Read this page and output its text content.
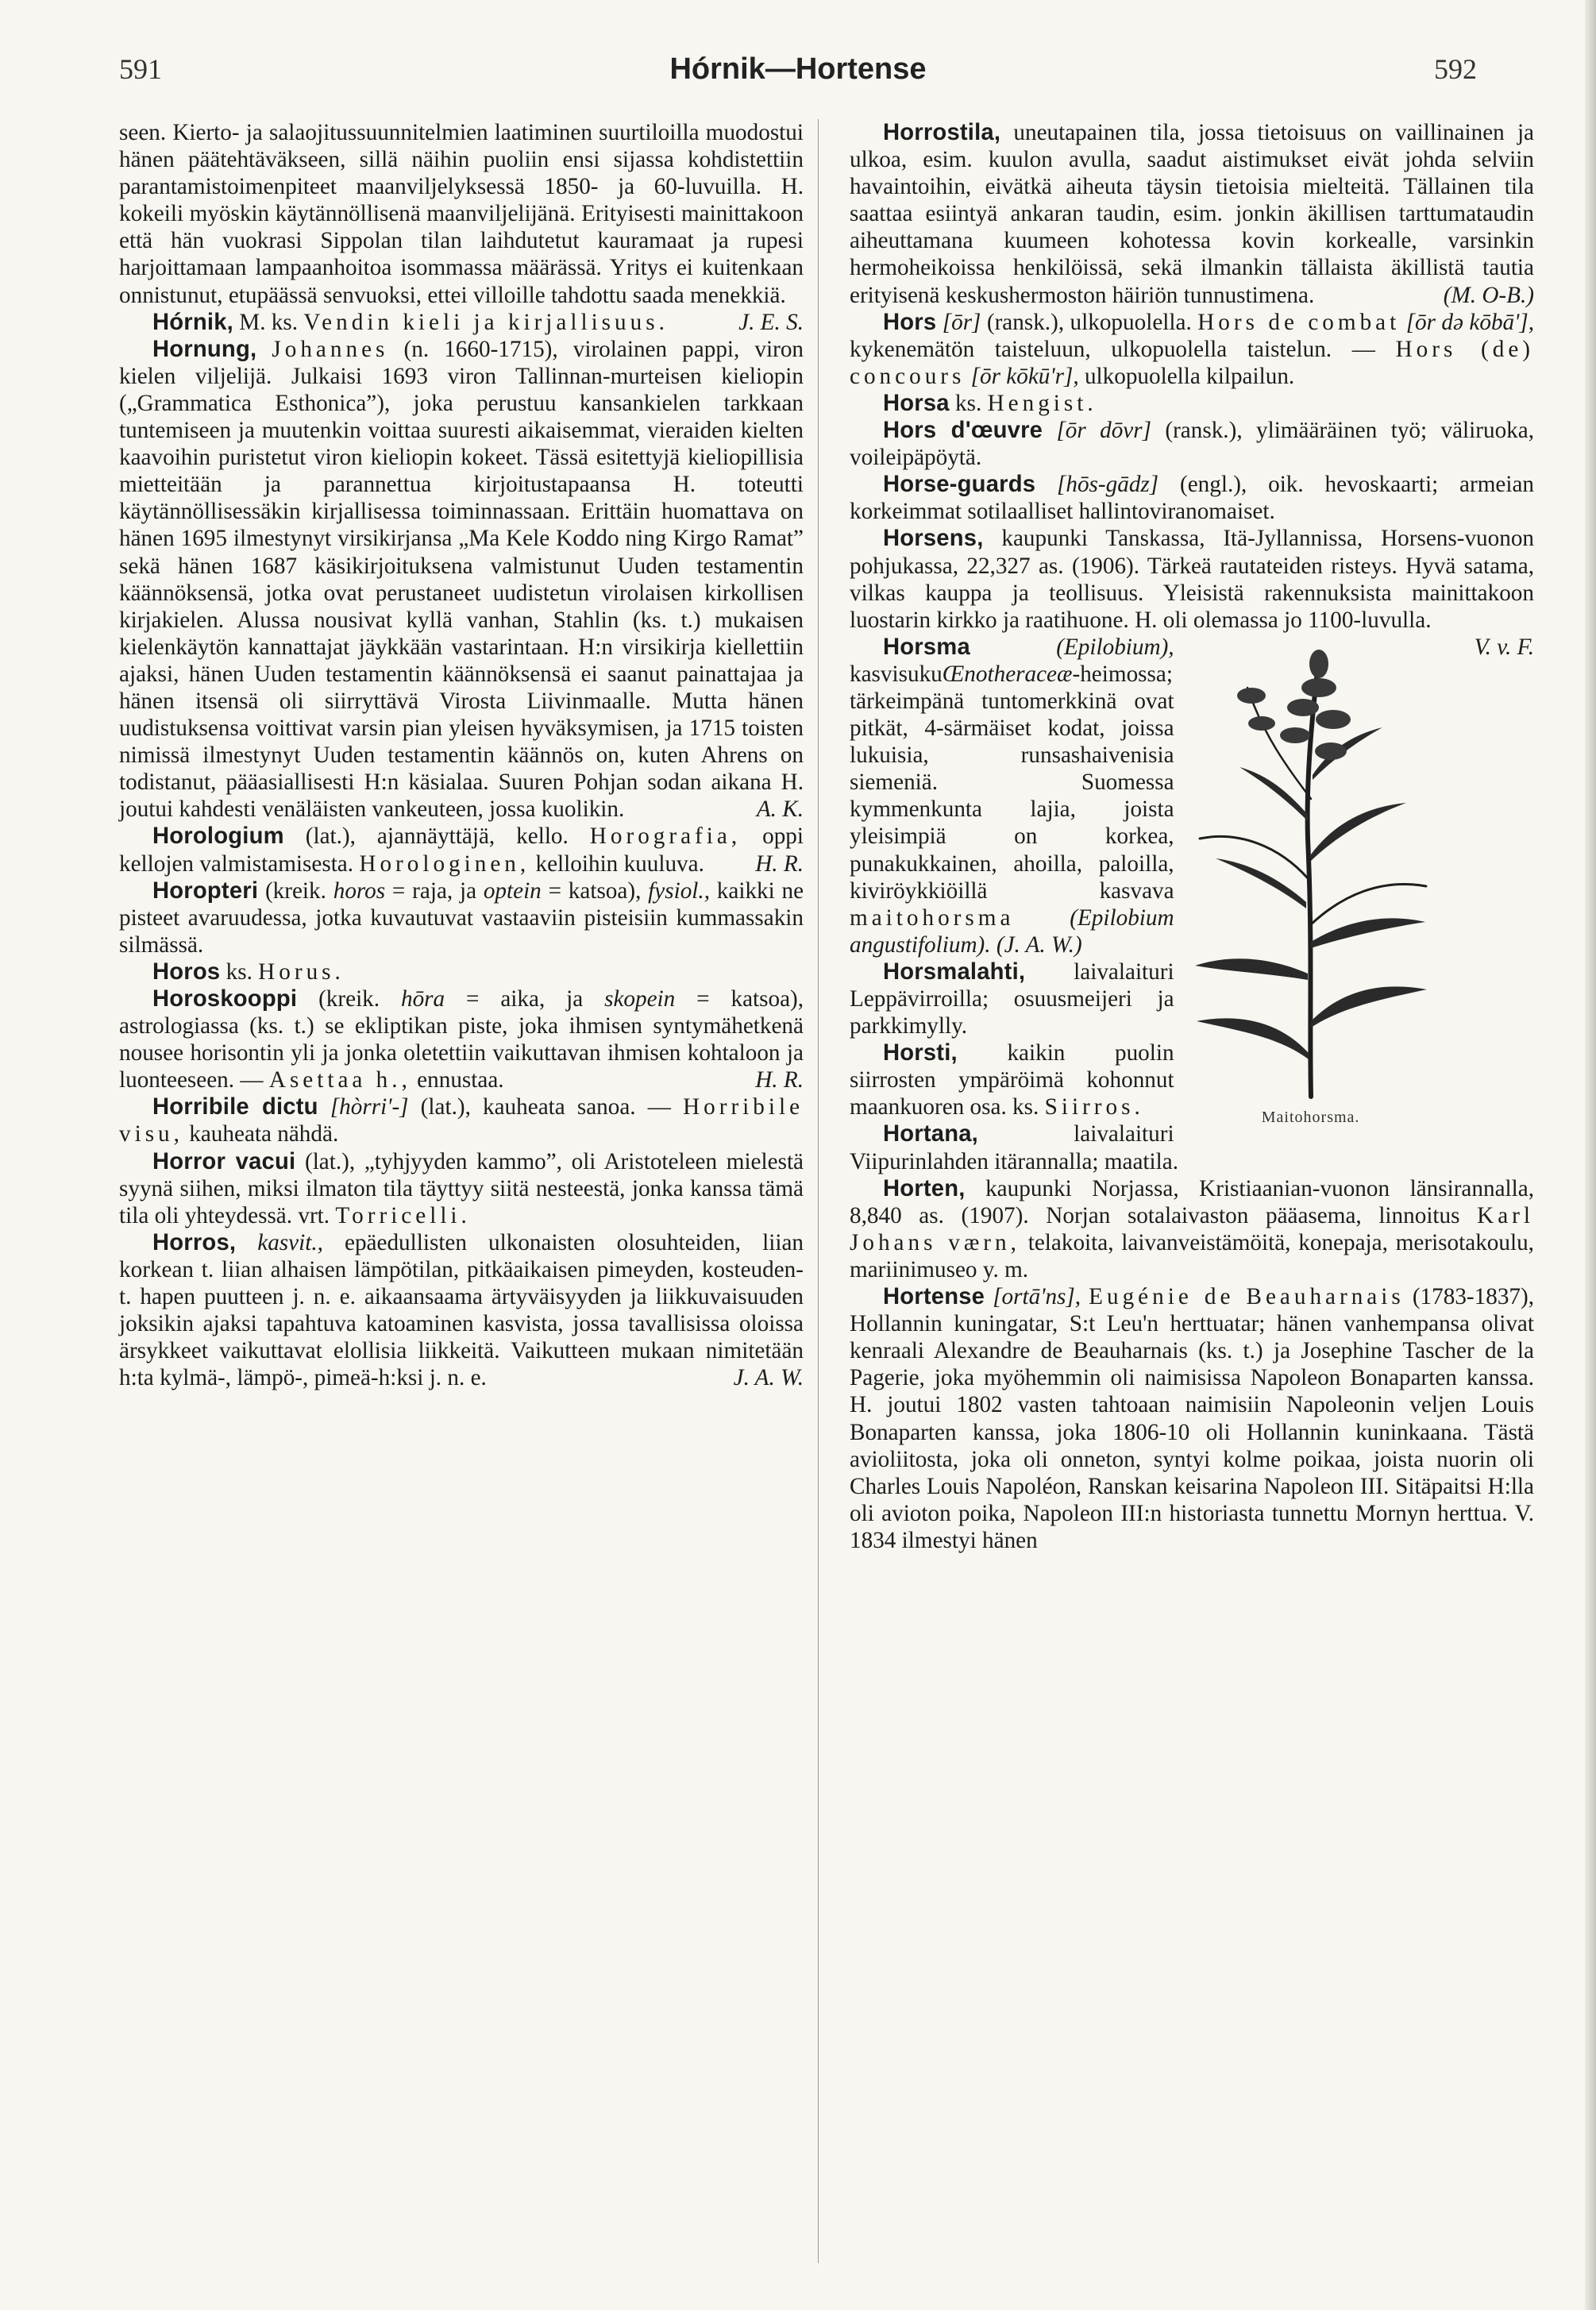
591	Hórnik—Hortense	592

seen. Kierto- ja salaojitussuunnitelmien laatiminen suurtiloilla muodostui hänen päätehtäväkseen, sillä näihin puoliin ensi sijassa kohdistettiin parantamistoimenpiteet maanviljelyksessä 1850- ja 60-luvuilla. H. kokeili myöskin käytännöllisenä maanviljelijänä. Erityisesti mainittakoon että hän vuokrasi Sippolan tilan laihdutetut kauramaat ja rupesi harjoittamaan lampaanhoitoa isommassa määrässä. Yritys ei kuitenkaan onnistunut, etupäässä senvuoksi, ettei villoille tahdottu saada menekkiä.
J. E. S.

Hórnik, M. ks. Vendin kieli ja kirjallisuus.

Hornung, Johannes (n. 1660-1715), virolainen pappi, viron kielen viljelijä. Julkaisi 1693 viron Tallinnan-murteisen kieliopin („Grammatica Esthonica”), joka perustuu kansankielen tarkkaan tuntemiseen ja muutenkin voittaa suuresti aikaisemmat, vieraiden kielten kaavoihin puristetut viron kieliopin kokeet. Tässä esitettyjä kieliopillisia mietteitään ja parannettua kirjoitustapaansa H. toteutti käytännöllisessäkin kirjallisessa toiminnassaan. Erittäin huomattava on hänen 1695 ilmestynyt virsikirjansa „Ma Kele Koddo ning Kirgo Ramat” sekä hänen 1687 käsikirjoituksena valmistunut Uuden testamentin käännöksensä, jotka ovat perustaneet uudistetun virolaisen kirkollisen kirjakielen. Alussa nousivat kyllä vanhan, Stahlin (ks. t.) mukaisen kielenkäytön kannattajat jäykkään vastarintaan. H:n virsikirja kiellettiin ajaksi, hänen Uuden testamentin käännöksensä ei saanut painattajaa ja hänen itsensä oli siirryttävä Virosta Liivinmaalle. Mutta hänen uudistuksensa voittivat varsin pian yleisen hyväksymisen, ja 1715 toisten nimissä ilmestynyt Uuden testamentin käännös on, kuten Ahrens on todistanut, pääasiallisesti H:n käsialaa. Suuren Pohjan sodan aikana H. joutui kahdesti venäläisten vankeuteen, jossa kuolikin.	A. K.

Horologium (lat.), ajannäyttäjä, kello. Horografia, oppi kellojen valmistamisesta. Horologinen, kelloihin kuuluva.	H. R.

Horopteri (kreik. horos = raja, ja optein = katsoa), fysiol., kaikki ne pisteet avaruudessa, jotka kuvautuvat vastaaviin pisteisiin kummassakin silmässä.

Horos ks. Horus.

Horoskooppi (kreik. hōra = aika, ja skopein = katsoa), astrologiassa (ks. t.) se ekliptikan piste, joka ihmisen syntymähetkenä nousee horisontin yli ja jonka oletettiin vaikuttavan ihmisen kohtaloon ja luonteeseen. — Asettaa h., ennustaa.	H. R.

Horribile dictu [hòrri'-] (lat.), kauheata sanoa. — Horribile visu, kauheata nähdä.

Horror vacui (lat.), „tyhjyyden kammo”, oli Aristoteleen mielestä syynä siihen, miksi ilmaton tila täyttyy siitä nesteestä, jonka kanssa tämä tila oli yhteydessä. vrt. Torricelli.

Horros, kasvit., epäedullisten ulkonaisten olosuhteiden, liian korkean t. liian alhaisen lämpötilan, pitkäaikaisen pimeyden, kosteuden- t. hapen puutteen j. n. e. aikaansaama ärtyväisyyden ja liikkuvaisuuden joksikin ajaksi tapahtuva katoaminen kasvista, jossa tavallisissa oloissa ärsykkeet vaikuttavat elollisia liikkeitä. Vaikutteen mukaan nimitetään h:ta kylmä-, lämpö-, pimeä-h:ksi j. n. e.	J. A. W.

Horrostila, uneutapainen tila, jossa tietoisuus on vaillinainen ja ulkoa, esim. kuulon avulla, saadut aistimukset eivät johda selviin havaintoihin, eivätkä aiheuta täysin tietoisia mielteitä. Tällainen tila saattaa esiintyä ankaran taudin, esim. jonkin äkillisen tarttumataudin aiheuttamana kuumeen kohotessa kovin korkealle, varsinkin hermoheikoissa henkilöissä, sekä ilmankin tällaista äkillistä tautia erityisenä keskushermoston häiriön tunnustimena.	(M. O-B.)

Hors [ōr] (ransk.), ulkopuolella. Hors de combat [ōr də kōbā'], kykenemätön taisteluun, ulkopuolella taistelun. — Hors (de) concours [ōr kōkū'r], ulkopuolella kilpailun.

Horsa ks. Hengist.

Hors d'œuvre [ōr dōvr] (ransk.), ylimääräinen työ; väliruoka, voileipäpöytä.

Horse-guards [hōs-gādz] (engl.), oik. hevoskaarti; armeian korkeimmat sotilaalliset hallintoviranomaiset.

Horsens, kaupunki Tanskassa, Itä-Jyllannissa, Horsens-vuonon pohjukassa, 22,327 as. (1906). Tärkeä rautateiden risteys. Hyvä satama, vilkas kauppa ja teollisuus. Yleisistä rakennuksista mainittakoon luostarin kirkko ja raatihuone. H. oli olemassa jo 1100-luvulla.
V. v. F.

Maitohorsma.

Horsma	(Epilobium), kasvisukuŒnotheraceæ-heimossa; tärkeimpänä tuntomerkkinä ovat pitkät, 4-särmäiset kodat, joissa lukuisia, runsashaivenisia siemeniä. Suomessa kymmenkunta lajia, joista yleisimpiä on korkea, punakukkainen, ahoilla, paloilla, kiviröykkiöillä kasvava maitohorsma (Epilobium angustifolium). (J. A. W.)

Horsmalahti, laivalaituri Leppävirroilla; osuusmeijeri ja parkkimylly.

Horsti, kaikin puolin siirrosten ympäröimä kohonnut maankuoren osa. ks. Siirros.

Hortana,	laivalaituri Viipurinlahden itärannalla; maatila.

Horten, kaupunki Norjassa, Kristiaanian-vuonon länsirannalla, 8,840 as. (1907). Norjan sotalaivaston pääasema, linnoitus Karl Johans værn, telakoita, laivanveistämöitä, konepaja, merisotakoulu, mariinimuseo y. m.

Hortense [ortā'ns], Eugénie de Beauharnais (1783-1837), Hollannin kuningatar, S:t Leu'n herttuatar; hänen vanhempansa olivat kenraali Alexandre de Beauharnais (ks. t.) ja Josephine Tascher de la Pagerie, joka myöhemmin oli naimisissa Napoleon Bonaparten kanssa. H. joutui 1802 vasten tahtoaan naimisiin Napoleonin veljen Louis Bonaparten kanssa, joka 1806-10 oli Hollannin kuninkaana. Tästä avioliitosta, joka oli onneton, syntyi kolme poikaa, joista nuorin oli Charles Louis Napoléon, Ranskan keisarina Napoleon III. Sitäpaitsi H:lla oli avioton poika, Napoleon III:n historiasta tunnettu Mornyn herttua. V. 1834 ilmestyi hänen
